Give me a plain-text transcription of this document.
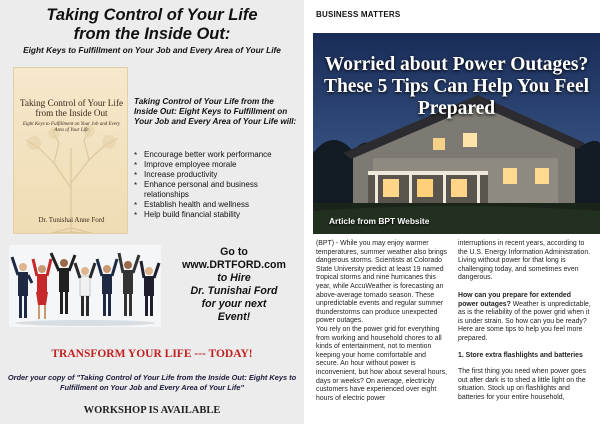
Taking Control of Your Life
from the Inside Out:
Eight Keys to Fulfillment on Your Job and Every Area of Your Life
Taking Control of Your Life from the Inside Out
Eight Keys to Fulfillment on Your Job and Every Area of Your Life
Dr. Tunishai Anne Ford
Taking Control of Your Life from the Inside Out: Eight Keys to Fulfillment on Your Job and Every Area of Your Life will:
* Encourage better work performance
* Improve employee morale
* Increase productivity
* Enhance personal and business relationships
* Establish health and wellness
* Help build financial stability
Go to
www.DRTFORD.com
to Hire
Dr. Tunishai Ford
for your next
Event!
TRANSFORM YOUR LIFE --- TODAY!
Order your copy of "Taking Control of Your Life from the Inside Out: Eight Keys to Fulfillment on Your Job and Every Area of Your Life"
WORKSHOP IS AVAILABLE
BUSINESS MATTERS
Worried about Power Outages? These 5 Tips Can Help You Feel Prepared
Article from BPT Website

(BPT) - While you may enjoy warmer temperatures, summer weather also brings dangerous storms. Scientists at Colorado State University predict at least 19 named tropical storms and nine hurricanes this year, while AccuWeather is forecasting an above-average tornado season. These unpredictable events and regular summer thunderstorms can produce unexpected power outages.

You rely on the power grid for everything from working and household chores to all kinds of entertainment, not to mention keeping your home comfortable and secure. An hour without power is inconvenient, but how about several hours, days or weeks? On average, electricity customers have experienced over eight hours of electric power

interruptions in recent years, according to the U.S. Energy Information Administration. Living without power for that long is challenging today, and sometimes even dangerous.

How can you prepare for extended power outages? Weather is unpredictable, as is the reliability of the power grid when it is under strain. So how can you be ready? Here are some tips to help you feel more prepared.

1. Store extra flashlights and batteries

The first thing you need when power goes out after dark is to shed a little light on the situation. Stock up on flashlights and batteries for your entire household,
